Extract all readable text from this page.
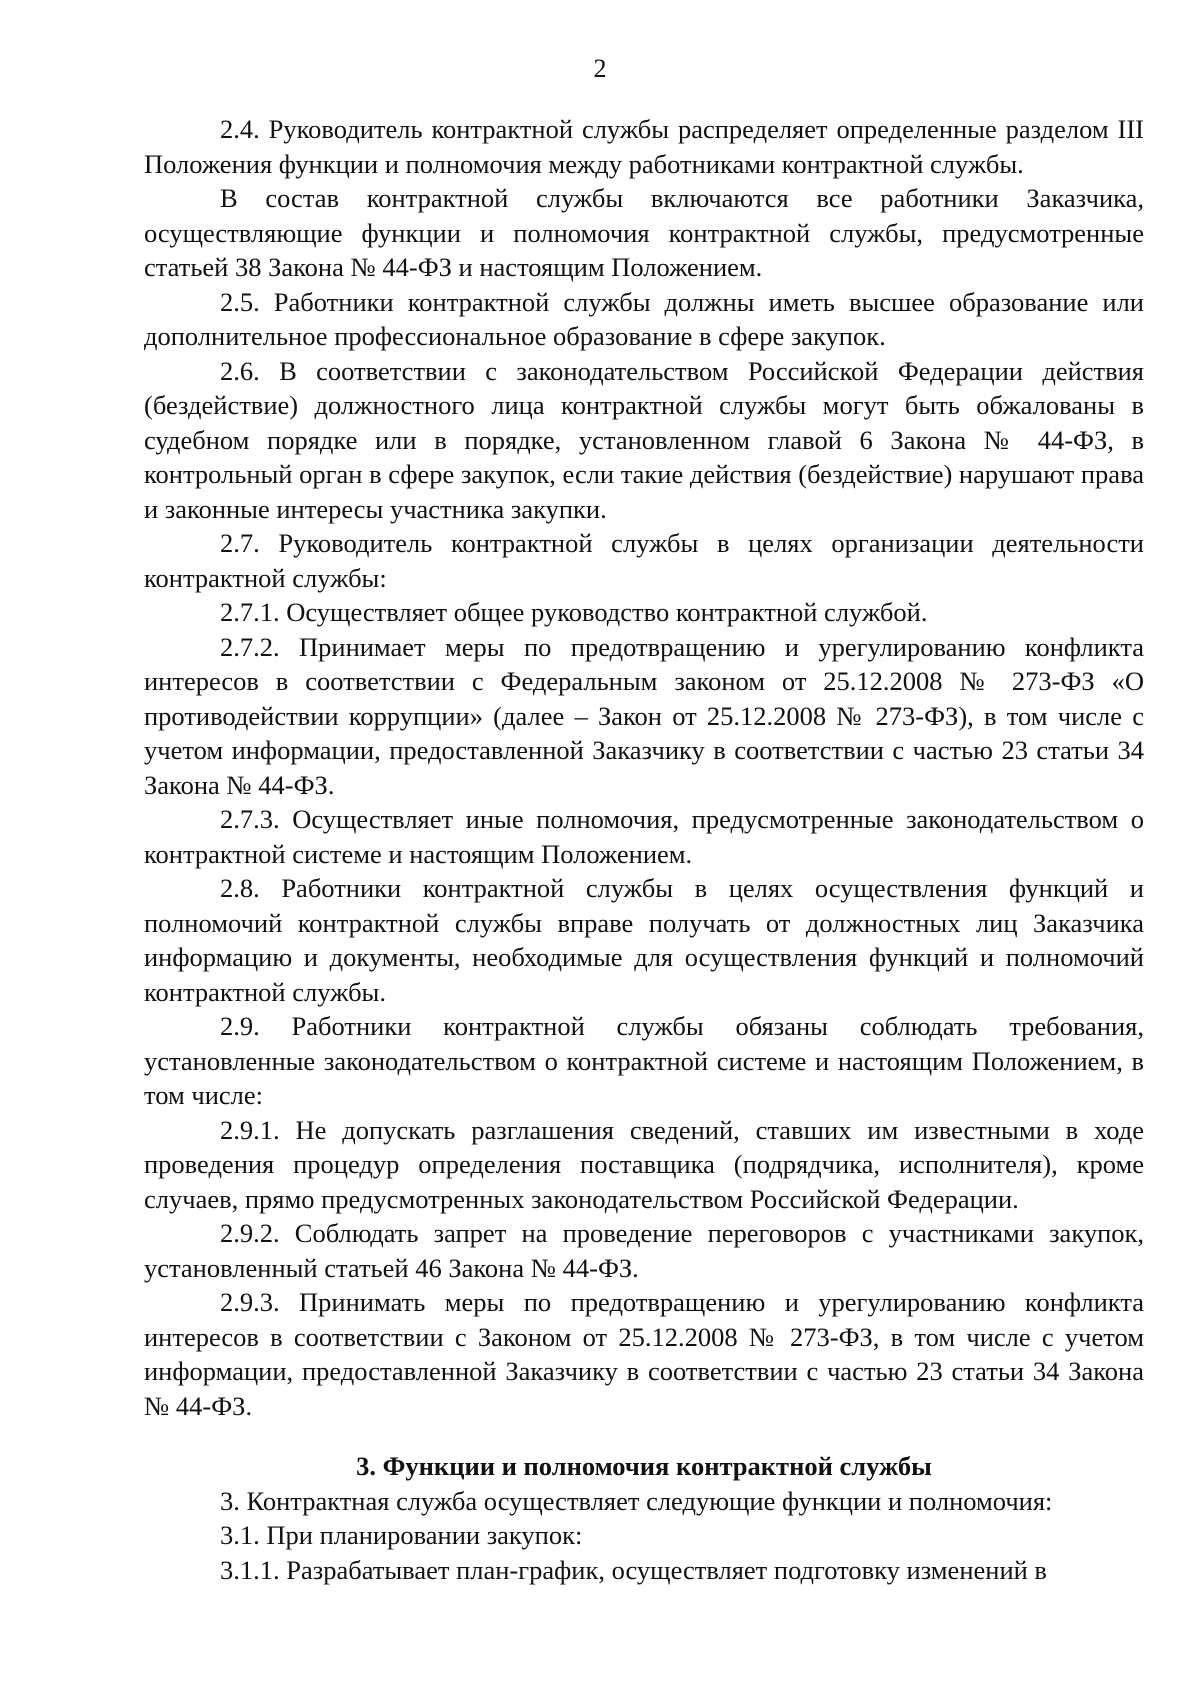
2

2.4. Руководитель контрактной службы распределяет определенные разделом III Положения функции и полномочия между работниками контрактной службы.

В состав контрактной службы включаются все работники Заказчика, осуществляющие функции и полномочия контрактной службы, предусмотренные статьей 38 Закона № 44-ФЗ и настоящим Положением.

2.5. Работники контрактной службы должны иметь высшее образование или дополнительное профессиональное образование в сфере закупок.

2.6. В соответствии с законодательством Российской Федерации действия (бездействие) должностного лица контрактной службы могут быть обжалованы в судебном порядке или в порядке, установленном главой 6 Закона № 44-ФЗ, в контрольный орган в сфере закупок, если такие действия (бездействие) нарушают права и законные интересы участника закупки.

2.7. Руководитель контрактной службы в целях организации деятельности контрактной службы:

2.7.1. Осуществляет общее руководство контрактной службой.

2.7.2. Принимает меры по предотвращению и урегулированию конфликта интересов в соответствии с Федеральным законом от 25.12.2008 № 273-ФЗ «О противодействии коррупции» (далее – Закон от 25.12.2008 № 273-ФЗ), в том числе с учетом информации, предоставленной Заказчику в соответствии с частью 23 статьи 34 Закона № 44-ФЗ.

2.7.3. Осуществляет иные полномочия, предусмотренные законодательством о контрактной системе и настоящим Положением.

2.8. Работники контрактной службы в целях осуществления функций и полномочий контрактной службы вправе получать от должностных лиц Заказчика информацию и документы, необходимые для осуществления функций и полномочий контрактной службы.

2.9. Работники контрактной службы обязаны соблюдать требования, установленные законодательством о контрактной системе и настоящим Положением, в том числе:

2.9.1. Не допускать разглашения сведений, ставших им известными в ходе проведения процедур определения поставщика (подрядчика, исполнителя), кроме случаев, прямо предусмотренных законодательством Российской Федерации.

2.9.2. Соблюдать запрет на проведение переговоров с участниками закупок, установленный статьей 46 Закона № 44-ФЗ.

2.9.3. Принимать меры по предотвращению и урегулированию конфликта интересов в соответствии с Законом от 25.12.2008 № 273-ФЗ, в том числе с учетом информации, предоставленной Заказчику в соответствии с частью 23 статьи 34 Закона № 44-ФЗ.

3. Функции и полномочия контрактной службы

3. Контрактная служба осуществляет следующие функции и полномочия:

3.1. При планировании закупок:

3.1.1. Разрабатывает план-график, осуществляет подготовку изменений в
